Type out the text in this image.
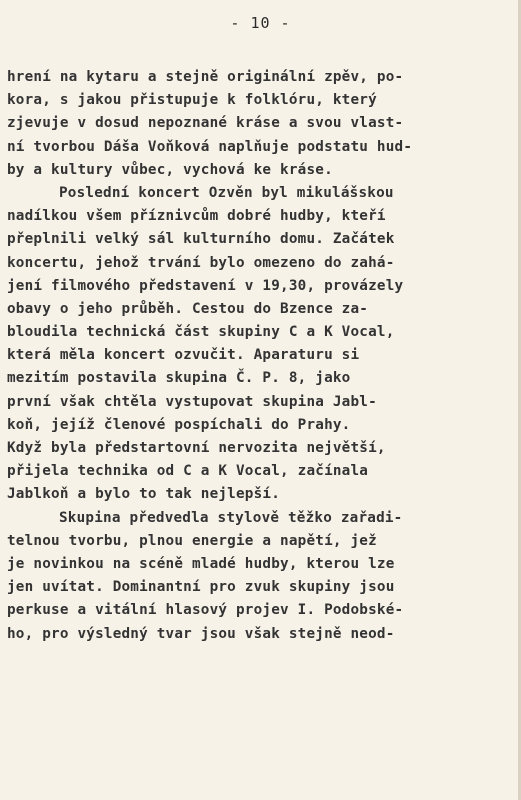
- 10 -
hrení na kytaru a stejně originální zpěv, po-
kora, s jakou přistupuje k folklóru, který
zjevuje v dosud nepoznané kráse a svou vlast-
ní tvorbou Dáša Voňková naplňuje podstatu hud-
by a kultury vůbec, vychová ke kráse.
Poslední koncert Ozvěn byl mikulášskou
nadílkou všem příznivcům dobré hudby, kteří
přeplnili velký sál kulturního domu. Začátek
koncertu, jehož trvání bylo omezeno do zahá-
jení filmového představení v 19,30, provázely
obavy o jeho průběh. Cestou do Bzence za-
bloudila technická část skupiny C a K Vocal,
která měla koncert ozvučit. Aparaturu si
mezitím postavila skupina Č. P. 8, jako
první však chtěla vystupovat skupina Jabl-
koň, jejíž členové pospíchali do Prahy.
Když byla předstartovní nervozita největší,
přijela technika od C a K Vocal, začínala
Jablkoň a bylo to tak nejlepší.
Skupina předvedla stylově těžko zařadi-
telnou tvorbu, plnou energie a napětí, jež
je novinkou na scéně mladé hudby, kterou lze
jen uvítat. Dominantní pro zvuk skupiny jsou
perkuse a vitální hlasový projev I. Podobské-
ho, pro výsledný tvar jsou však stejně neod-
